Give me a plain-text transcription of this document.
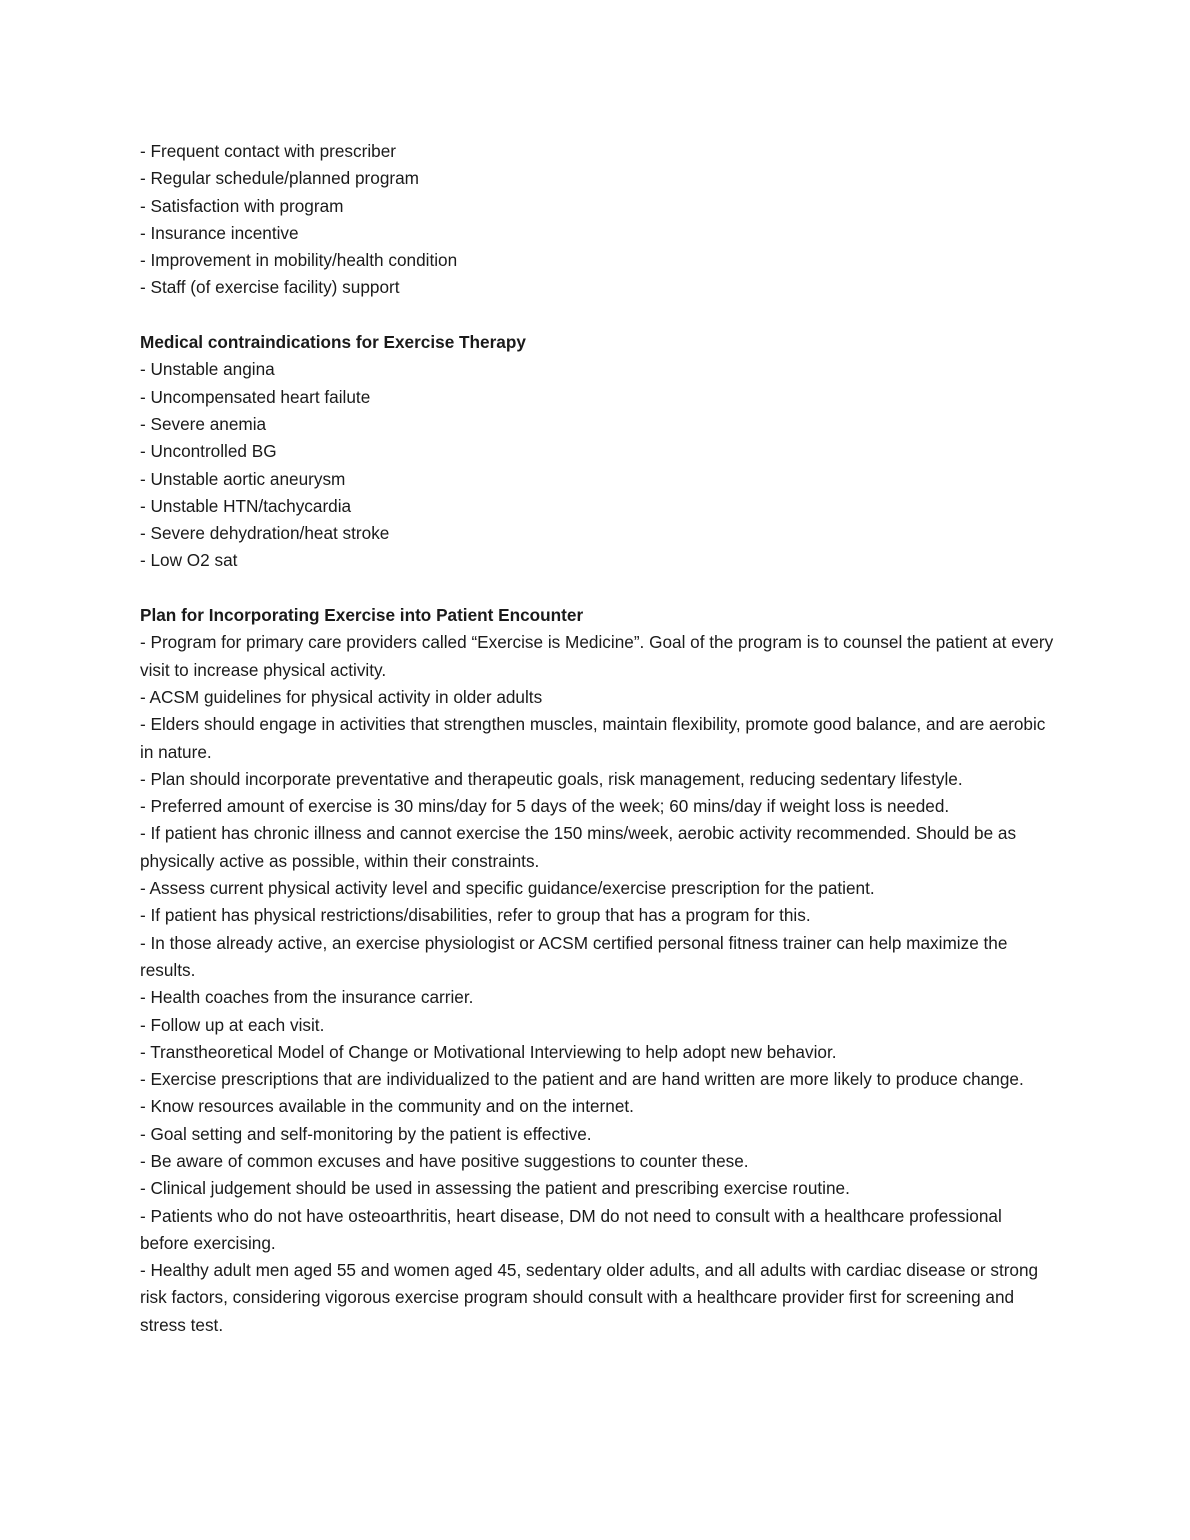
- Frequent contact with prescriber

- Regular schedule/planned program

- Satisfaction with program

- Insurance incentive

- Improvement in mobility/health condition

- Staff (of exercise facility) support

Medical contraindications for Exercise Therapy

- Unstable angina

- Uncompensated heart failute

- Severe anemia

- Uncontrolled BG

- Unstable aortic aneurysm

- Unstable HTN/tachycardia

- Severe dehydration/heat stroke

- Low O2 sat

Plan for Incorporating Exercise into Patient Encounter

- Program for primary care providers called “Exercise is Medicine”. Goal of the program is to counsel the patient at every visit to increase physical activity.

- ACSM guidelines for physical activity in older adults

- Elders should engage in activities that strengthen muscles, maintain flexibility, promote good balance, and are aerobic in nature.

- Plan should incorporate preventative and therapeutic goals, risk management, reducing sedentary lifestyle.

- Preferred amount of exercise is 30 mins/day for 5 days of the week; 60 mins/day if weight loss is needed.

- If patient has chronic illness and cannot exercise the 150 mins/week, aerobic activity recommended. Should be as physically active as possible, within their constraints.

- Assess current physical activity level and specific guidance/exercise prescription for the patient.

- If patient has physical restrictions/disabilities, refer to group that has a program for this.

- In those already active, an exercise physiologist or ACSM certified personal fitness trainer can help maximize the results.

- Health coaches from the insurance carrier.

- Follow up at each visit.

- Transtheoretical Model of Change or Motivational Interviewing to help adopt new behavior.

- Exercise prescriptions that are individualized to the patient and are hand written are more likely to produce change.

- Know resources available in the community and on the internet.

- Goal setting and self-monitoring by the patient is effective.

- Be aware of common excuses and have positive suggestions to counter these.

- Clinical judgement should be used in assessing the patient and prescribing exercise routine.

- Patients who do not have osteoarthritis, heart disease, DM do not need to consult with a healthcare professional before exercising.

- Healthy adult men aged 55 and women aged 45, sedentary older adults, and all adults with cardiac disease or strong risk factors, considering vigorous exercise program should consult with a healthcare provider first for screening and stress test.
